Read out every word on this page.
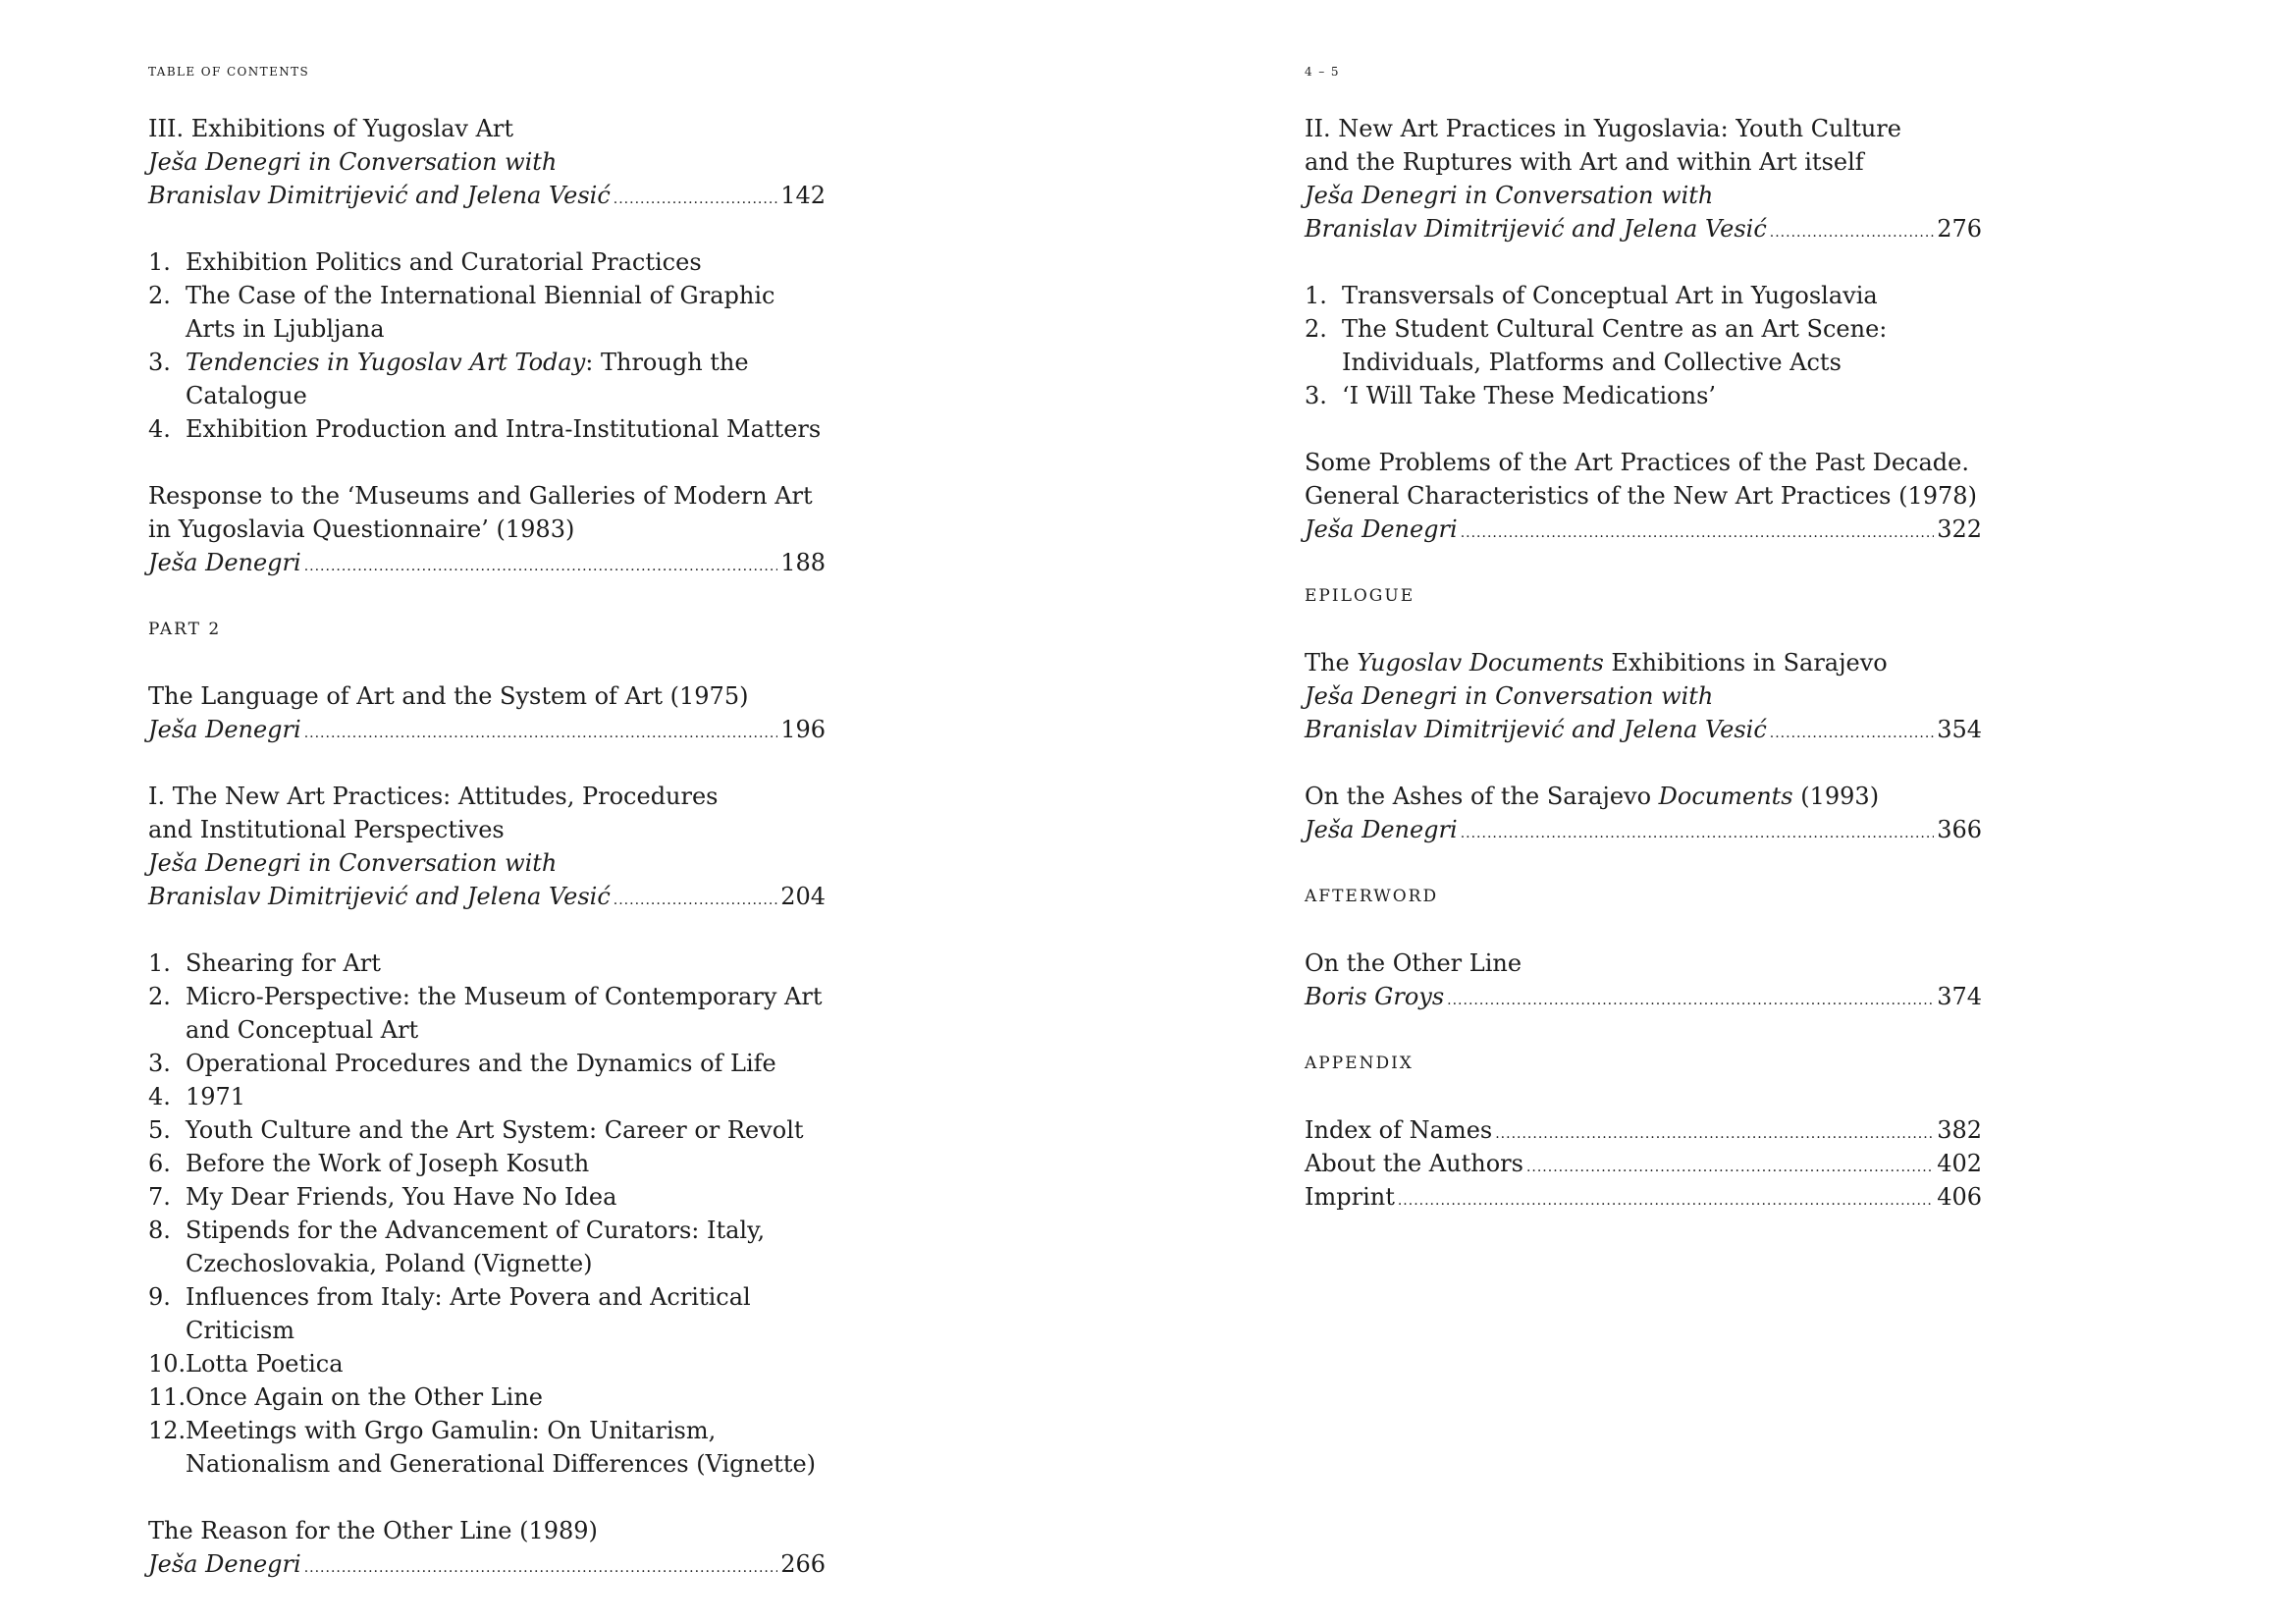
TABLE OF CONTENTS
III. Exhibitions of Yugoslav Art
Ješa Denegri in Conversation with
Branislav Dimitrijević and Jelena Vesić .....	142
1. Exhibition Politics and Curatorial Practices
2. The Case of the International Biennial of Graphic Arts in Ljubljana
3. Tendencies in Yugoslav Art Today: Through the Catalogue
4. Exhibition Production and Intra-Institutional Matters
Response to the ‘Museums and Galleries of Modern Art
in Yugoslavia Questionnaire’ (1983)
Ješa Denegri .....	188
PART 2
The Language of Art and the System of Art (1975)
Ješa Denegri .....	196
I. The New Art Practices: Attitudes, Procedures
and Institutional Perspectives
Ješa Denegri in Conversation with
Branislav Dimitrijević and Jelena Vesić .....	204
1. Shearing for Art
2. Micro-Perspective: the Museum of Contemporary Art and Conceptual Art
3. Operational Procedures and the Dynamics of Life
4. 1971
5. Youth Culture and the Art System: Career or Revolt
6. Before the Work of Joseph Kosuth
7. My Dear Friends, You Have No Idea
8. Stipends for the Advancement of Curators: Italy, Czechoslovakia, Poland (Vignette)
9. Influences from Italy: Arte Povera and Acritical Criticism
10. Lotta Poetica
11. Once Again on the Other Line
12. Meetings with Grgo Gamulin: On Unitarism, Nationalism and Generational Differences (Vignette)
The Reason for the Other Line (1989)
Ješa Denegri .....	266
4 – 5
II. New Art Practices in Yugoslavia: Youth Culture
and the Ruptures with Art and within Art itself
Ješa Denegri in Conversation with
Branislav Dimitrijević and Jelena Vesić .....	276
1. Transversals of Conceptual Art in Yugoslavia
2. The Student Cultural Centre as an Art Scene: Individuals, Platforms and Collective Acts
3. ‘I Will Take These Medications’
Some Problems of the Art Practices of the Past Decade.
General Characteristics of the New Art Practices (1978)
Ješa Denegri .....	322
EPILOGUE
The Yugoslav Documents Exhibitions in Sarajevo
Ješa Denegri in Conversation with
Branislav Dimitrijević and Jelena Vesić .....	354
On the Ashes of the Sarajevo Documents (1993)
Ješa Denegri .....	366
AFTERWORD
On the Other Line
Boris Groys .....	374
APPENDIX
Index of Names .....	382
About the Authors .....	402
Imprint .....	406
